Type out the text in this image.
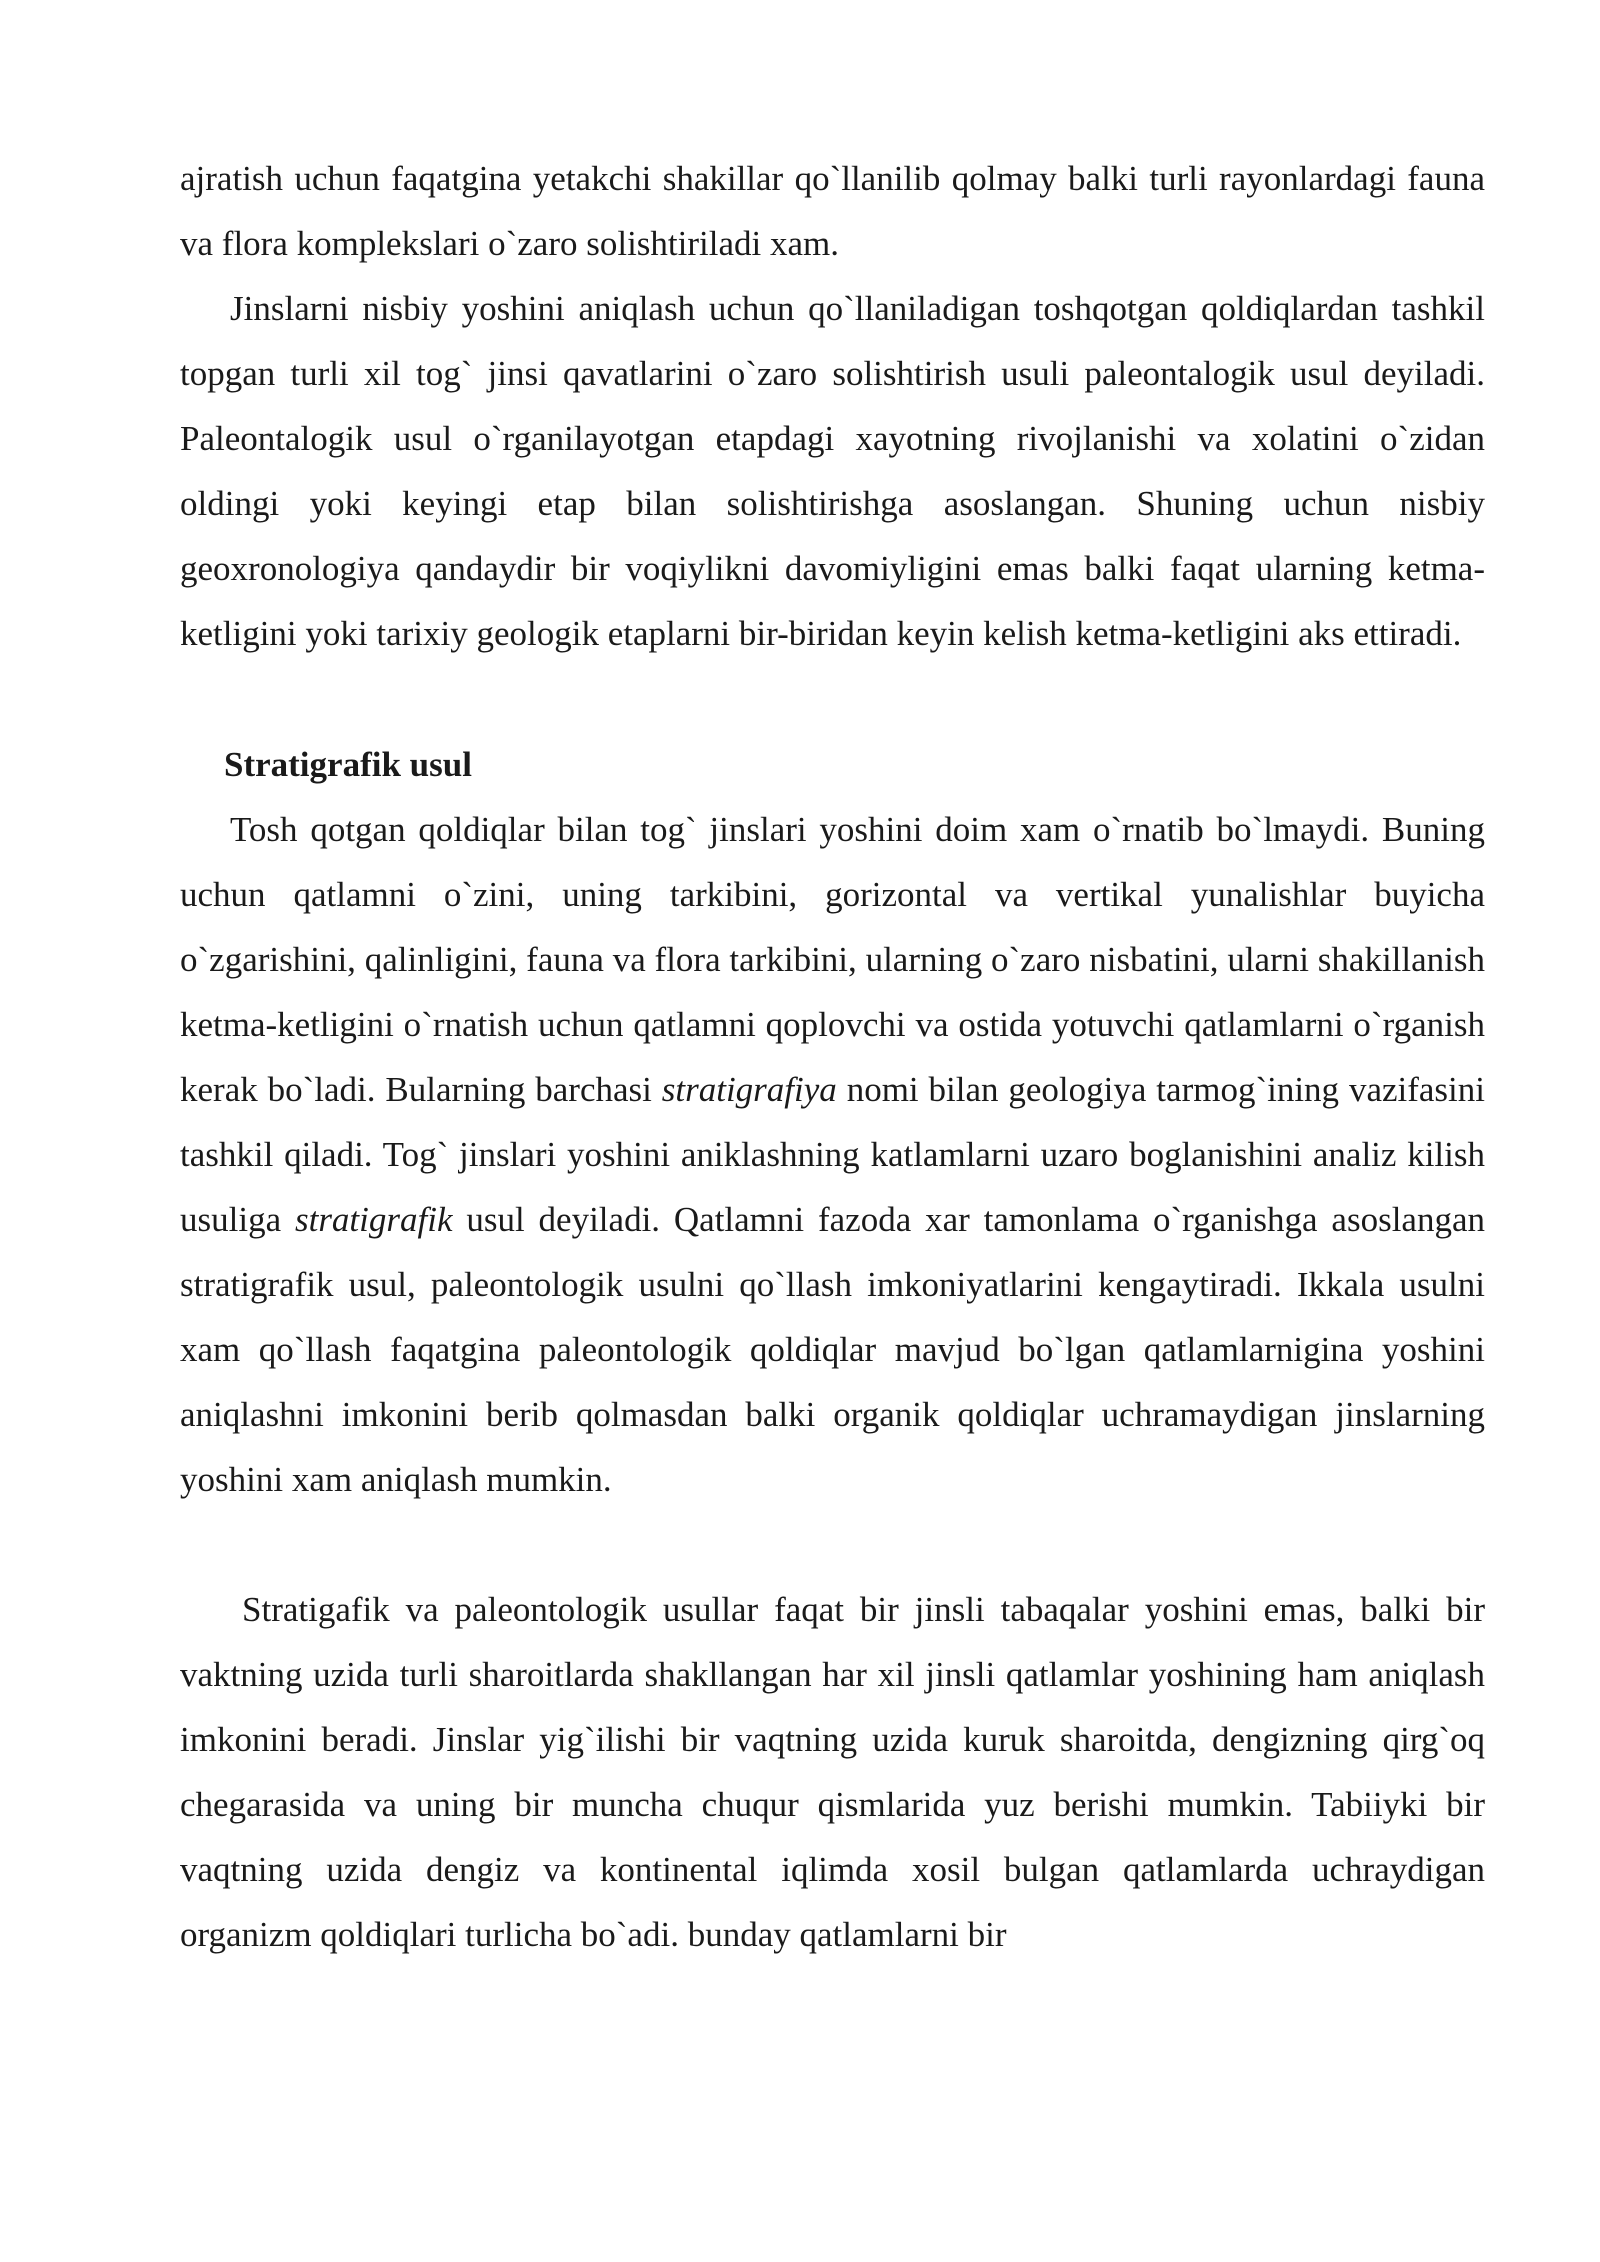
ajratish uchun faqatgina yetakchi shakillar qo`llanilib qolmay balki turli rayonlardagi fauna va flora komplekslari o`zaro solishtiriladi xam.

Jinslarni nisbiy yoshini aniqlash uchun qo`llaniladigan toshqotgan qoldiqlardan tashkil topgan turli xil tog` jinsi qavatlarini o`zaro solishtirish usuli paleontalogik usul deyiladi. Paleontalogik usul o`rganilayotgan etapdagi xayotning rivojlanishi va xolatini o`zidan oldingi yoki keyingi etap bilan solishtirishga asoslangan. Shuning uchun nisbiy geoxronologiya qandaydir bir voqiylikni davomiyligini emas balki faqat ularning ketma-ketligini yoki tarixiy geologik etaplarni bir-biridan keyin kelish ketma-ketligini aks ettiradi.

Stratigrafik usul

Tosh qotgan qoldiqlar bilan tog` jinslari yoshini doim xam o`rnatib bo`lmaydi. Buning uchun qatlamni o`zini, uning tarkibini, gorizontal va vertikal yunalishlar buyicha o`zgarishini, qalinligini, fauna va flora tarkibini, ularning o`zaro nisbatini, ularni shakillanish ketma-ketligini o`rnatish uchun qatlamni qoplovchi va ostida yotuvchi qatlamlarni o`rganish kerak bo`ladi. Bularning barchasi stratigrafiya nomi bilan geologiya tarmog`ining vazifasini tashkil qiladi. Tog` jinslari yoshini aniklashning katlamlarni uzaro boglanishini analiz kilish usuliga stratigrafik usul deyiladi. Qatlamni fazoda xar tamonlama o`rganishga asoslangan stratigrafik usul, paleontologik usulni qo`llash imkoniyatlarini kengaytiradi. Ikkala usulni xam qo`llash faqatgina paleontologik qoldiqlar mavjud bo`lgan qatlamlarnigina yoshini aniqlashni imkonini berib qolmasdan balki organik qoldiqlar uchramaydigan jinslarning yoshini xam aniqlash mumkin.

Stratigafik va paleontologik usullar faqat bir jinsli tabaqalar yoshini emas, balki bir vaktning uzida turli sharoitlarda shakllangan har xil jinsli qatlamlar yoshining ham aniqlash imkonini beradi. Jinslar yig`ilishi bir vaqtning uzida kuruk sharoitda, dengizning qirg`oq chegarasida va uning bir muncha chuqur qismlarida yuz berishi mumkin. Tabiiyki bir vaqtning uzida dengiz va kontinental iqlimda xosil bulgan qatlamlarda uchraydigan organizm qoldiqlari turlicha bo`adi. bunday qatlamlarni bir
